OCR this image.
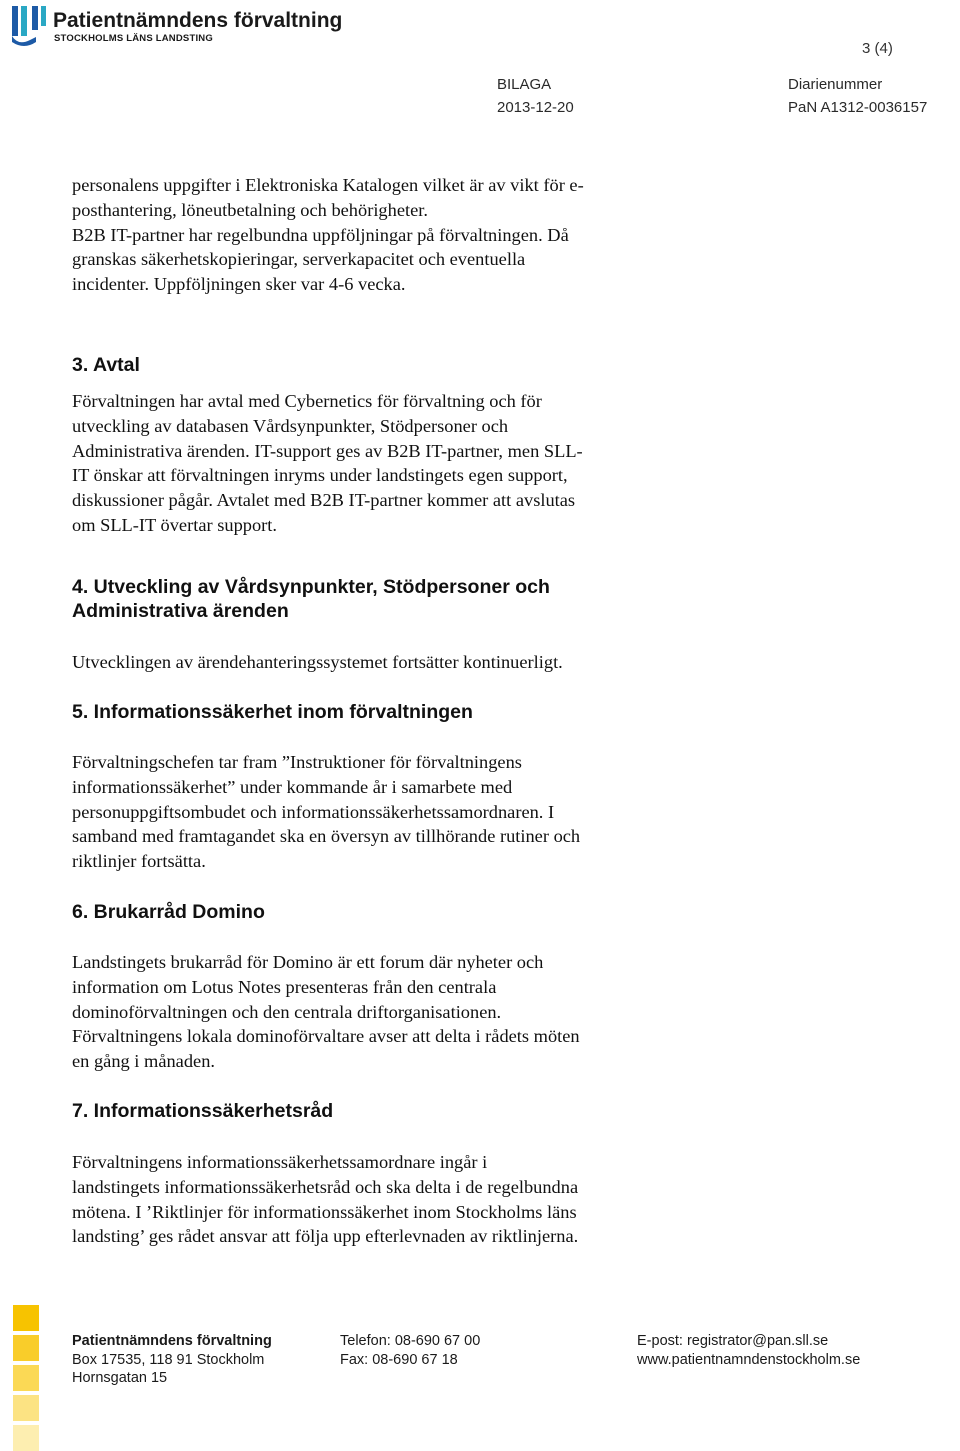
Patientnämndens förvaltning
STOCKHOLMS LÄNS LANDSTING
3 (4)
BILAGA
2013-12-20
Diarienummer
PaN A1312-0036157

personalens uppgifter i Elektroniska Katalogen vilket är av vikt för e-
posthantering, löneutbetalning och behörigheter.
B2B IT-partner har regelbundna uppföljningar på förvaltningen. Då
granskas säkerhetskopieringar, serverkapacitet och eventuella
incidenter. Uppföljningen sker var 4-6 vecka.

3. Avtal

Förvaltningen har avtal med Cybernetics för förvaltning och för
utveckling av databasen Vårdsynpunkter, Stödpersoner och
Administrativa ärenden. IT-support ges av B2B IT-partner, men SLL-
IT önskar att förvaltningen inryms under landstingets egen support,
diskussioner pågår. Avtalet med B2B IT-partner kommer att avslutas
om SLL-IT övertar support.

4. Utveckling av Vårdsynpunkter, Stödpersoner och
Administrativa ärenden

Utvecklingen av ärendehanteringssystemet fortsätter kontinuerligt.

5. Informationssäkerhet inom förvaltningen

Förvaltningschefen tar fram ”Instruktioner för förvaltningens
informationssäkerhet” under kommande år i samarbete med
personuppgiftsombudet och informationssäkerhetssamordnaren. I
samband med framtagandet ska en översyn av tillhörande rutiner och
riktlinjer fortsätta.

6. Brukarråd Domino

Landstingets brukarråd för Domino är ett forum där nyheter och
information om Lotus Notes presenteras från den centrala
dominoförvaltningen och den centrala driftorganisationen.
Förvaltningens lokala dominoförvaltare avser att delta i rådets möten
en gång i månaden.

7. Informationssäkerhetsråd

Förvaltningens informationssäkerhetssamordnare ingår i
landstingets informationssäkerhetsråd och ska delta i de regelbundna
mötena. I ’Riktlinjer för informationssäkerhet inom Stockholms läns
landsting’ ges rådet ansvar att följa upp efterlevnaden av riktlinjerna.

Patientnämndens förvaltning
Box 17535, 118 91 Stockholm
Hornsgatan 15
Telefon: 08-690 67 00
Fax: 08-690 67 18
E-post: registrator@pan.sll.se
www.patientnamndenstockholm.se
